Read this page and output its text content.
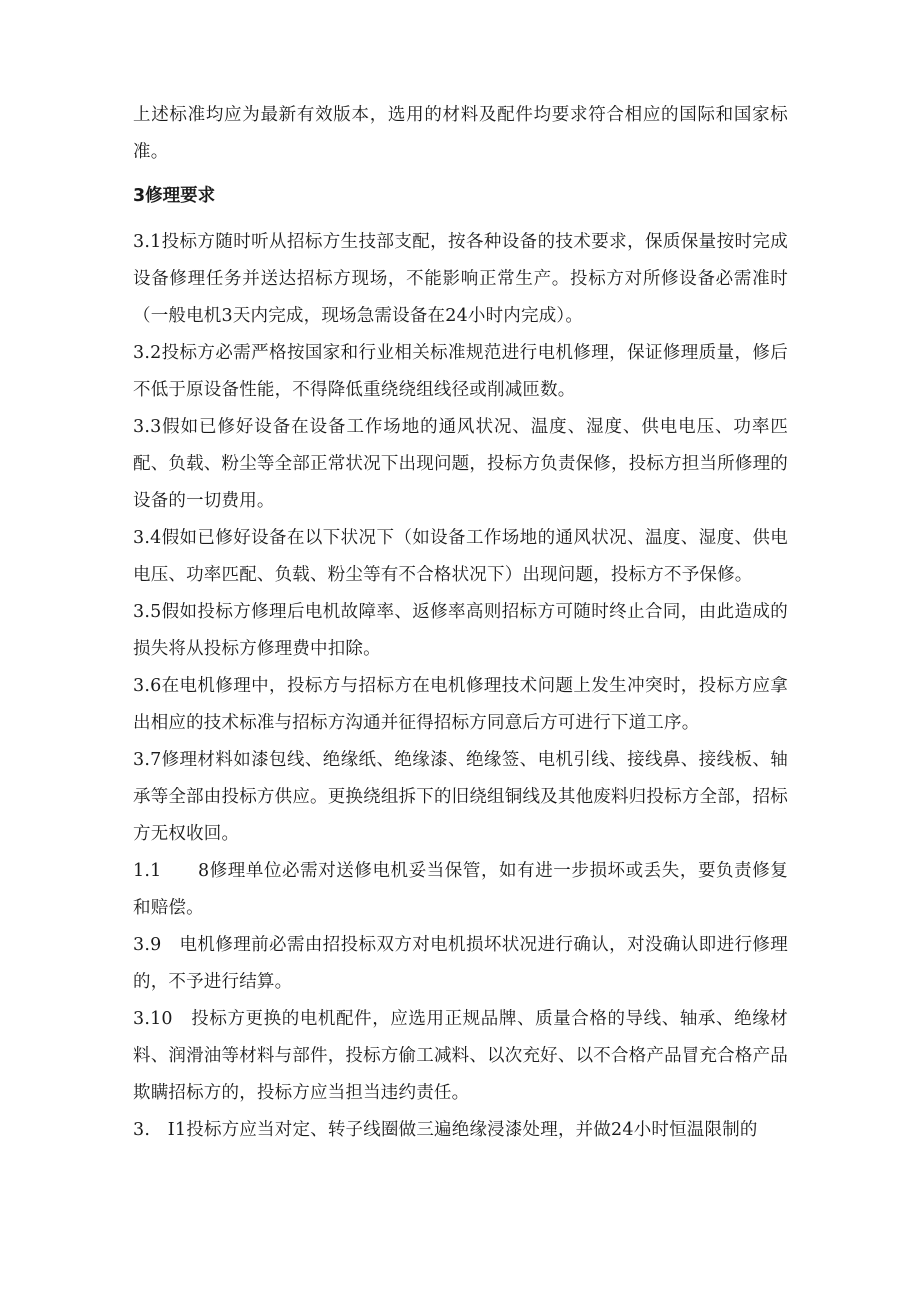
上述标准均应为最新有效版本，选用的材料及配件均要求符合相应的国际和国家标准。

3修理要求

3.1投标方随时听从招标方生技部支配，按各种设备的技术要求，保质保量按时完成设备修理任务并送达招标方现场，不能影响正常生产。投标方对所修设备必需准时（一般电机3天内完成，现场急需设备在24小时内完成）。

3.2投标方必需严格按国家和行业相关标准规范进行电机修理，保证修理质量，修后不低于原设备性能，不得降低重绕绕组线径或削减匝数。

3.3假如已修好设备在设备工作场地的通风状况、温度、湿度、供电电压、功率匹配、负载、粉尘等全部正常状况下出现问题，投标方负责保修，投标方担当所修理的设备的一切费用。

3.4假如已修好设备在以下状况下（如设备工作场地的通风状况、温度、湿度、供电电压、功率匹配、负载、粉尘等有不合格状况下）出现问题，投标方不予保修。

3.5假如投标方修理后电机故障率、返修率高则招标方可随时终止合同，由此造成的损失将从投标方修理费中扣除。

3.6在电机修理中，投标方与招标方在电机修理技术问题上发生冲突时，投标方应拿出相应的技术标准与招标方沟通并征得招标方同意后方可进行下道工序。

3.7修理材料如漆包线、绝缘纸、绝缘漆、绝缘签、电机引线、接线鼻、接线板、轴承等全部由投标方供应。更换绕组拆下的旧绕组铜线及其他废料归投标方全部，招标方无权收回。

1.1　　8修理单位必需对送修电机妥当保管，如有进一步损坏或丢失，要负责修复和赔偿。

3.9　电机修理前必需由招投标双方对电机损坏状况进行确认，对没确认即进行修理的，不予进行结算。

3.10　投标方更换的电机配件，应选用正规品牌、质量合格的导线、轴承、绝缘材料、润滑油等材料与部件，投标方偷工减料、以次充好、以不合格产品冒充合格产品欺瞒招标方的，投标方应当担当违约责任。

3.　I1投标方应当对定、转子线圈做三遍绝缘浸漆处理，并做24小时恒温限制的
